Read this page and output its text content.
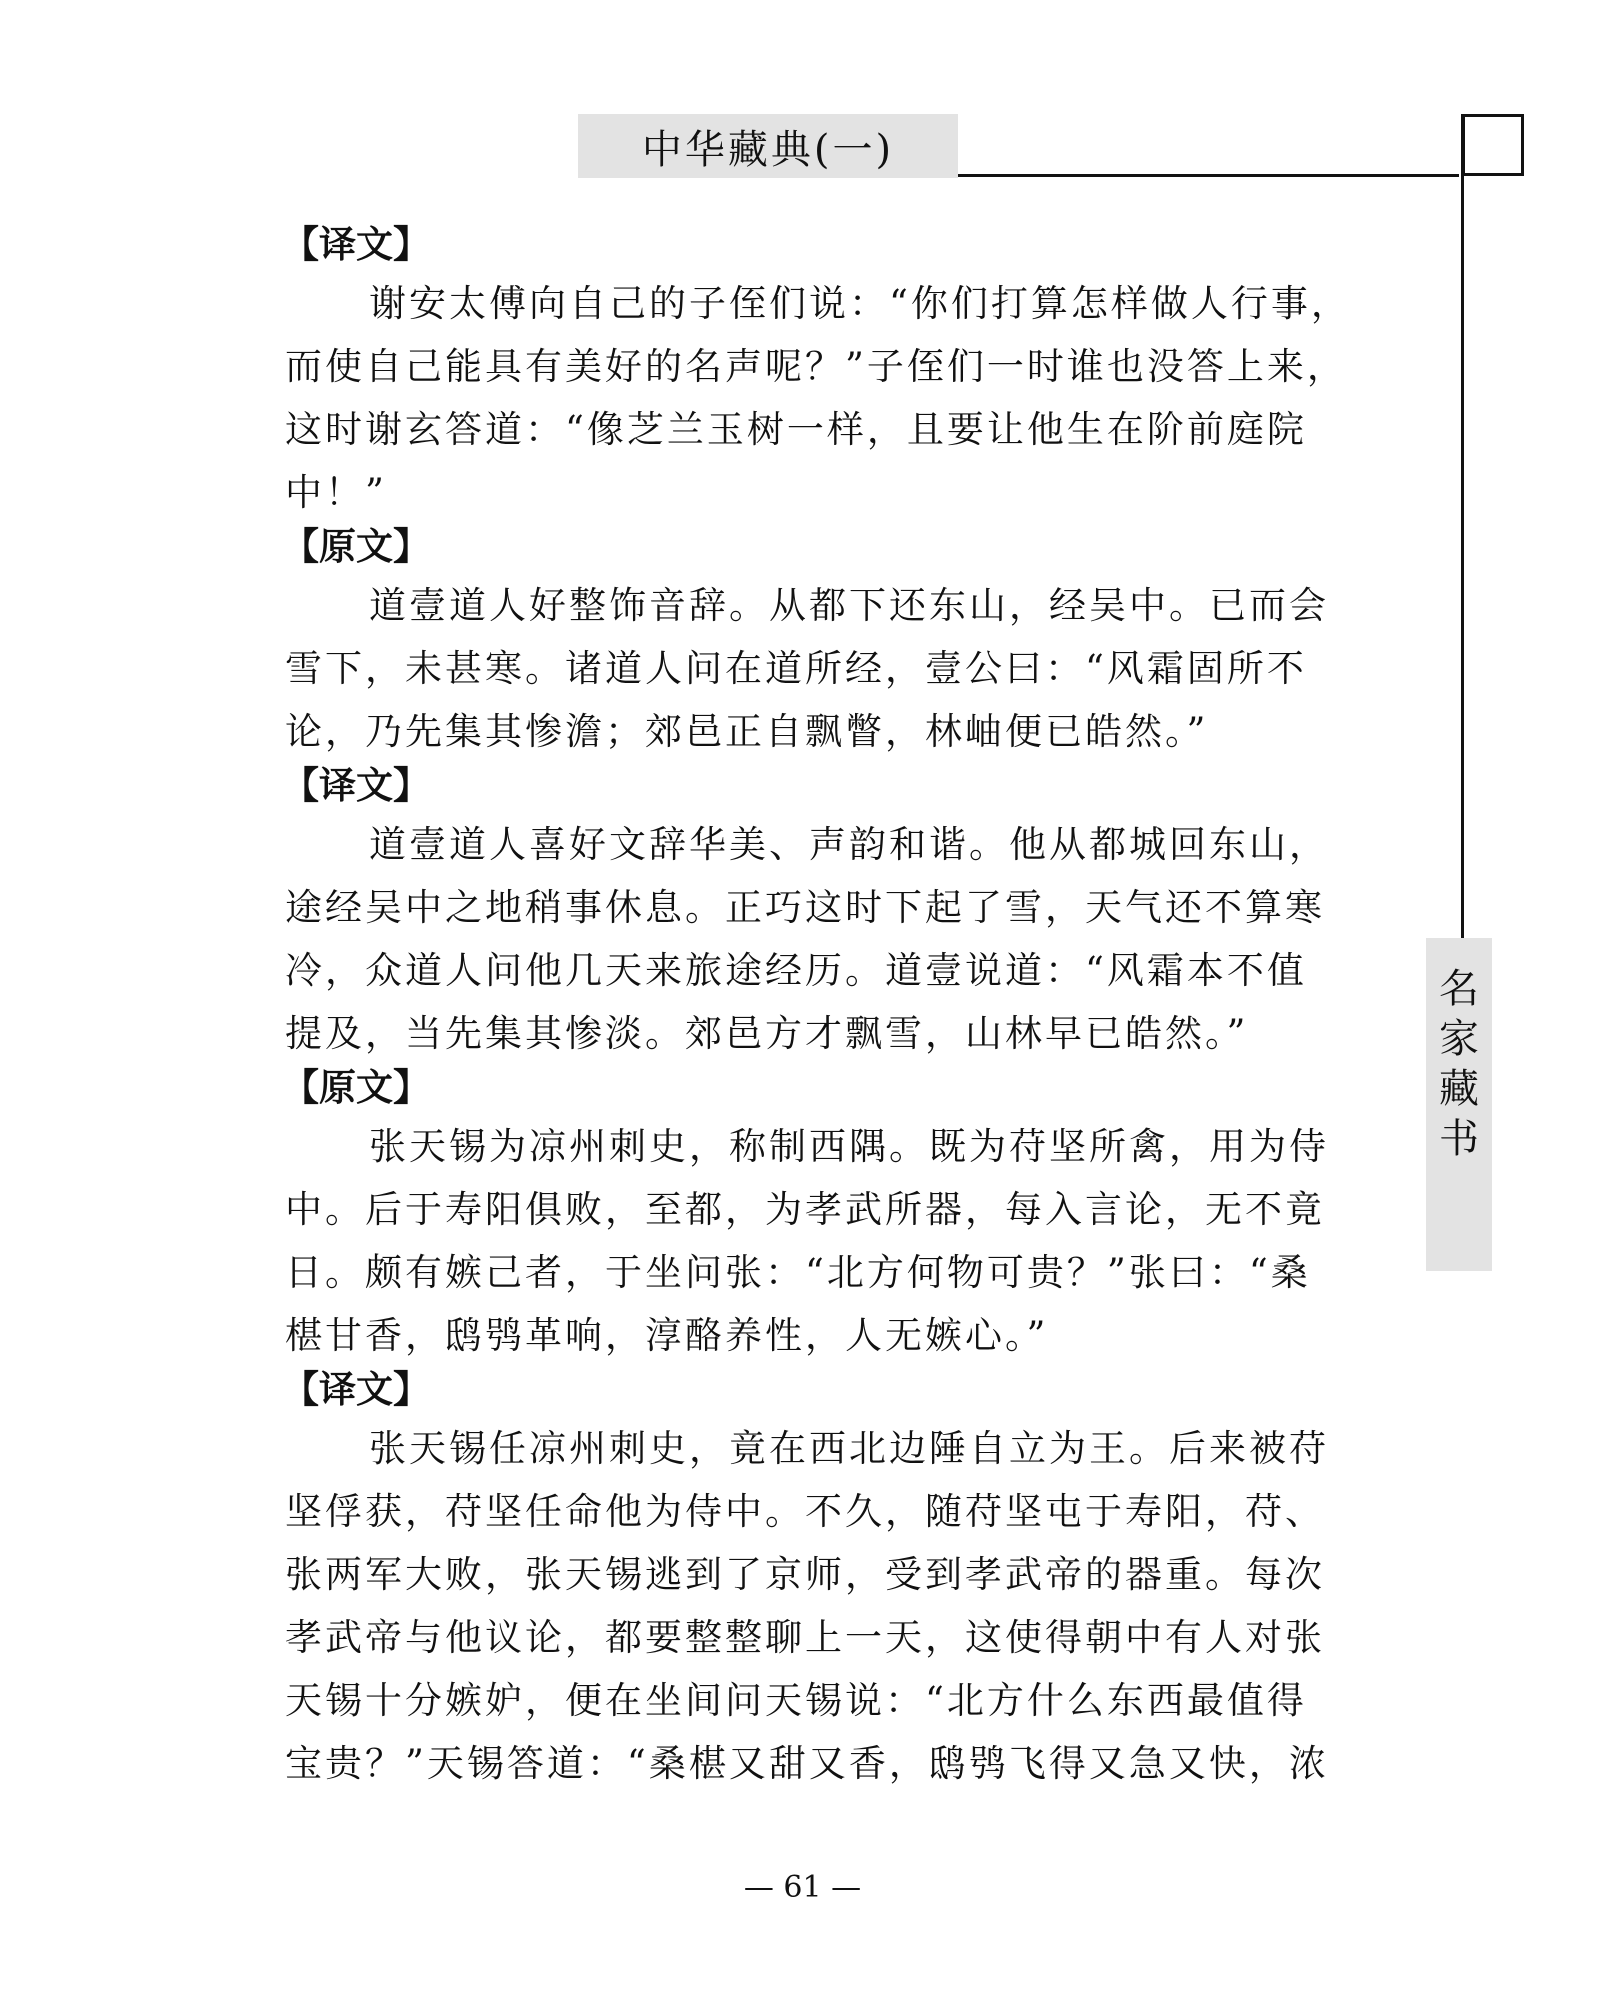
中华藏典(一)
名
家
藏
书
【译文】
谢安太傅向自己的子侄们说：“你们打算怎样做人行事，
而使自己能具有美好的名声呢？”子侄们一时谁也没答上来，
这时谢玄答道：“像芝兰玉树一样，且要让他生在阶前庭院
中！”
【原文】
道壹道人好整饰音辞。从都下还东山，经吴中。已而会
雪下，未甚寒。诸道人问在道所经，壹公曰：“风霜固所不
论，乃先集其惨澹；郊邑正自飘瞥，林岫便已皓然。”
【译文】
道壹道人喜好文辞华美、声韵和谐。他从都城回东山，
途经吴中之地稍事休息。正巧这时下起了雪，天气还不算寒
冷，众道人问他几天来旅途经历。道壹说道：“风霜本不值
提及，当先集其惨淡。郊邑方才飘雪，山林早已皓然。”
【原文】
张天锡为凉州刺史，称制西隅。既为苻坚所禽，用为侍
中。后于寿阳俱败，至都，为孝武所器，每入言论，无不竟
日。颇有嫉己者，于坐问张：“北方何物可贵？”张曰：“桑
椹甘香，鸱鸮革响，淳酪养性，人无嫉心。”
【译文】
张天锡任凉州刺史，竟在西北边陲自立为王。后来被苻
坚俘获，苻坚任命他为侍中。不久，随苻坚屯于寿阳，苻、
张两军大败，张天锡逃到了京师，受到孝武帝的器重。每次
孝武帝与他议论，都要整整聊上一天，这使得朝中有人对张
天锡十分嫉妒，便在坐间问天锡说：“北方什么东西最值得
宝贵？”天锡答道：“桑椹又甜又香，鸱鸮飞得又急又快，浓
— 61 —
